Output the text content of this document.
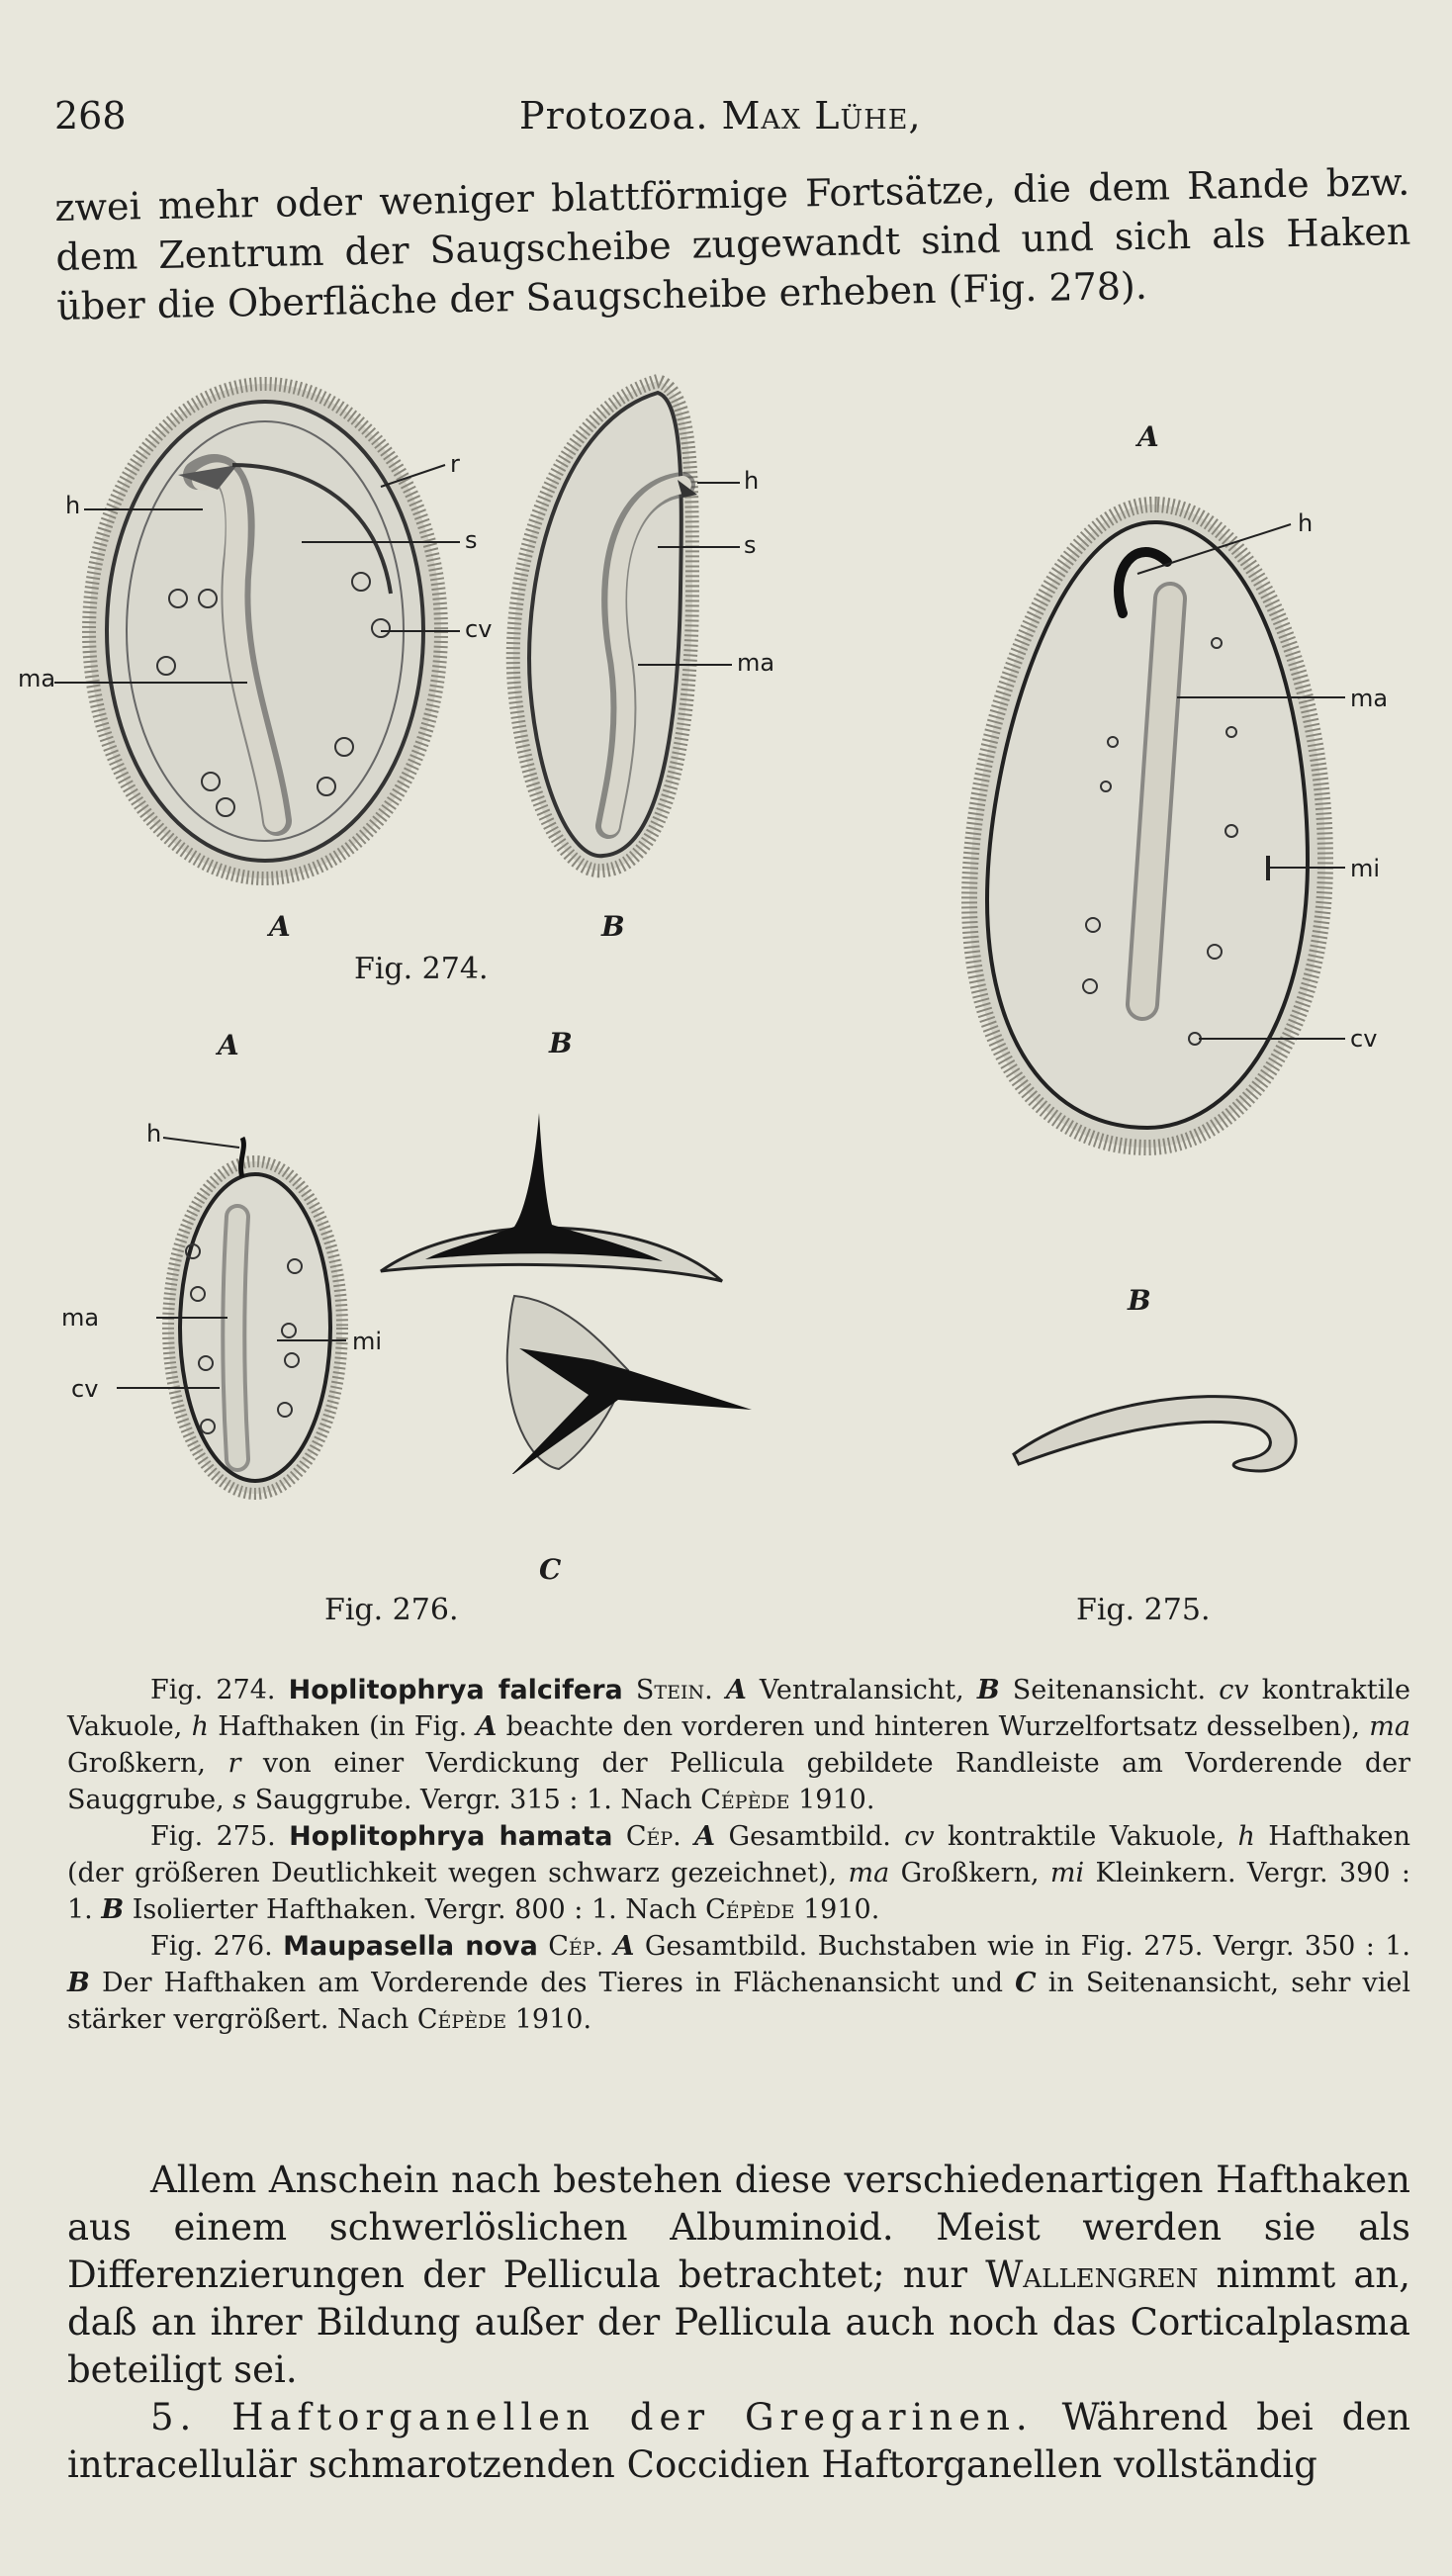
268	Protozoa. Max Lühe,

zwei mehr oder weniger blattförmige Fortsätze, die dem Rande bzw. dem Zentrum der Saugscheibe zugewandt sind und sich als Haken über die Oberfläche der Saugscheibe erheben (Fig. 278).

h
r
s
cv
ma
h
s
ma
A	B
Fig. 274.
A
h
ma
mi
cv
B
Fig. 275.
A
h
ma
mi
cv
B
C
Fig. 276.

Fig. 274. Hoplitophrya falcifera Stein. A Ventralansicht, B Seitenansicht. cv kontraktile Vakuole, h Hafthaken (in Fig. A beachte den vorderen und hinteren Wurzelfortsatz desselben), ma Großkern, r von einer Verdickung der Pellicula gebildete Randleiste am Vorderende der Sauggrube, s Sauggrube. Vergr. 315 : 1. Nach Cépède 1910.

Fig. 275. Hoplitophrya hamata Cép. A Gesamtbild. cv kontraktile Vakuole, h Hafthaken (der größeren Deutlichkeit wegen schwarz gezeichnet), ma Großkern, mi Kleinkern. Vergr. 390 : 1. B Isolierter Hafthaken. Vergr. 800 : 1. Nach Cépède 1910.

Fig. 276. Maupasella nova Cép. A Gesamtbild. Buchstaben wie in Fig. 275. Vergr. 350 : 1. B Der Hafthaken am Vorderende des Tieres in Flächenansicht und C in Seitenansicht, sehr viel stärker vergrößert. Nach Cépède 1910.

Allem Anschein nach bestehen diese verschiedenartigen Hafthaken aus einem schwerlöslichen Albuminoid. Meist werden sie als Differenzierungen der Pellicula betrachtet; nur Wallengren nimmt an, daß an ihrer Bildung außer der Pellicula auch noch das Corticalplasma beteiligt sei.

5. Haftorganellen der Gregarinen. Während bei den intracellulär schmarotzenden Coccidien Haftorganellen vollständig
